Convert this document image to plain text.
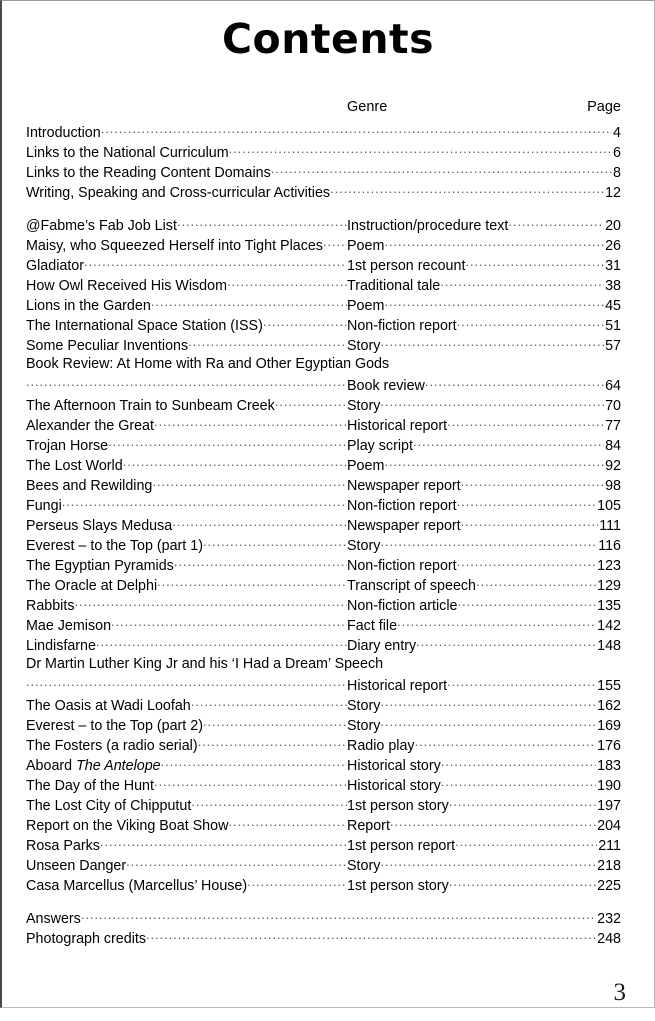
Contents
Genre	Page
Introduction .....	4
Links to the National Curriculum .....	6
Links to the Reading Content Domains .....	8
Writing, Speaking and Cross-curricular Activities .....	12
@Fabme’s Fab Job List .....	Instruction/procedure text .....	20
Maisy, who Squeezed Herself into Tight Places ..... Poem .....	26
Gladiator .....	1st person recount .....	31
How Owl Received His Wisdom .....	Traditional tale .....	38
Lions in the Garden .....	Poem .....	45
The International Space Station (ISS) .....	Non-fiction report .....	51
Some Peculiar Inventions .....	Story .....	57
Book Review: At Home with Ra and Other Egyptian Gods
.....
Book review .....	64
The Afternoon Train to Sunbeam Creek .....	Story .....	70
Alexander the Great .....	Historical report .....	77
Trojan Horse .....	Play script .....	84
The Lost World .....	Poem .....	92
Bees and Rewilding .....	Newspaper report .....	98
Fungi .....	Non-fiction report .....	105
Perseus Slays Medusa .....	Newspaper report .....	111
Everest – to the Top (part 1) .....	Story .....	116
The Egyptian Pyramids .....	Non-fiction report .....	123
The Oracle at Delphi .....	Transcript of speech .....	129
Rabbits .....	Non-fiction article .....	135
Mae Jemison .....	Fact file .....	142
Lindisfarne .....	Diary entry .....	148
Dr Martin Luther King Jr and his ‘I Had a Dream’ Speech
.....
Historical report .....	155
The Oasis at Wadi Loofah .....	Story .....	162
Everest – to the Top (part 2) .....	Story .....	169
The Fosters (a radio serial) .....	Radio play .....	176
Aboard The Antelope .....	Historical story .....	183
The Day of the Hunt .....	Historical story .....	190
The Lost City of Chipputut .....	1st person story .....	197
Report on the Viking Boat Show .....	Report .....	204
Rosa Parks .....	1st person report .....	211
Unseen Danger .....	Story .....	218
Casa Marcellus (Marcellus’ House) .....	1st person story .....	225
Answers .....	232
Photograph credits .....	248
3
